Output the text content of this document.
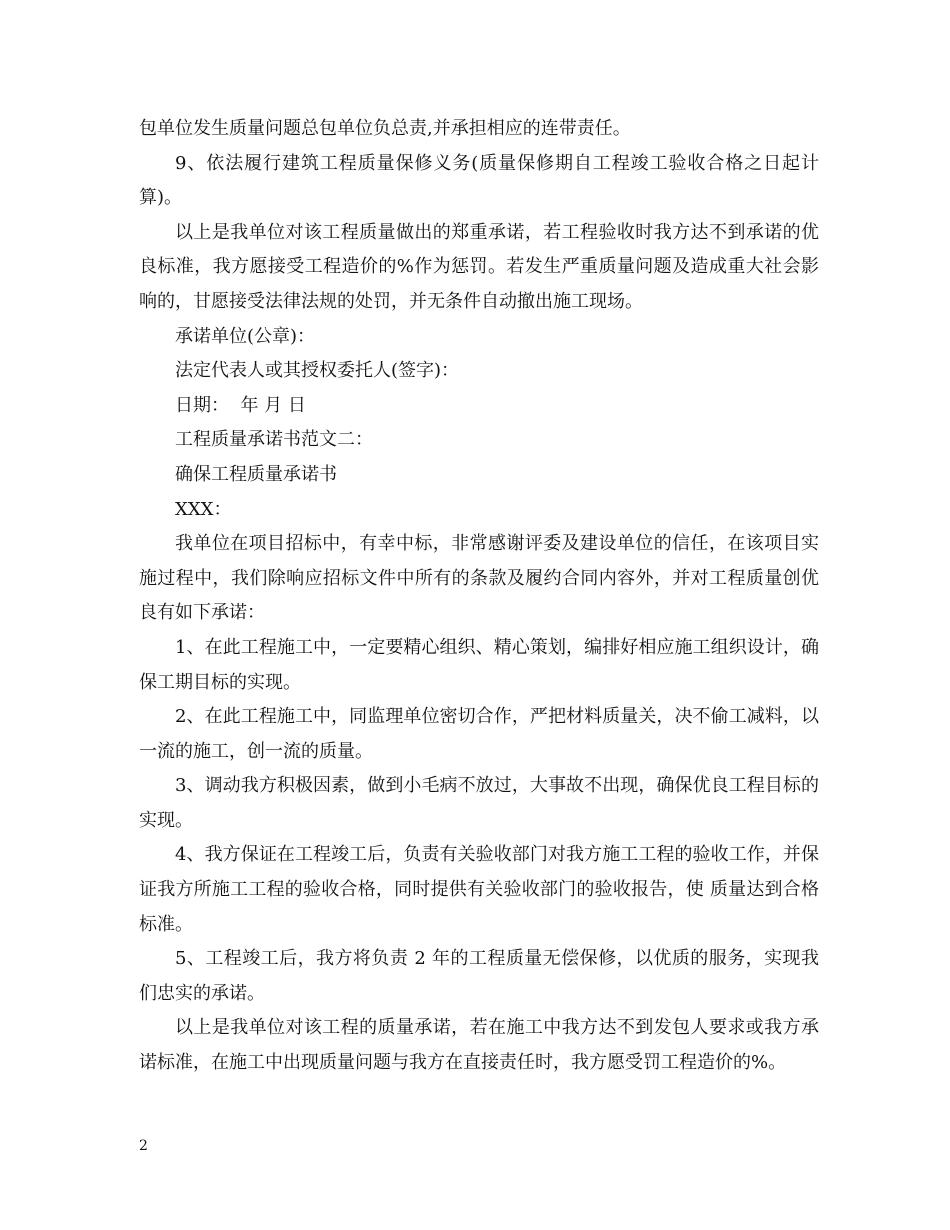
包单位发生质量问题总包单位负总责,并承担相应的连带责任。

9、依法履行建筑工程质量保修义务(质量保修期自工程竣工验收合格之日起计算)。

以上是我单位对该工程质量做出的郑重承诺，若工程验收时我方达不到承诺的优良标准，我方愿接受工程造价的%作为惩罚。若发生严重质量问题及造成重大社会影响的，甘愿接受法律法规的处罚，并无条件自动撤出施工现场。

承诺单位(公章)：

法定代表人或其授权委托人(签字)：

日期：  年 月 日

工程质量承诺书范文二：

确保工程质量承诺书

XXX：

我单位在项目招标中，有幸中标，非常感谢评委及建设单位的信任，在该项目实施过程中，我们除响应招标文件中所有的条款及履约合同内容外，并对工程质量创优良有如下承诺：

1、在此工程施工中，一定要精心组织、精心策划，编排好相应施工组织设计，确保工期目标的实现。

2、在此工程施工中，同监理单位密切合作，严把材料质量关，决不偷工减料，以一流的施工，创一流的质量。

3、调动我方积极因素，做到小毛病不放过，大事故不出现，确保优良工程目标的实现。

4、我方保证在工程竣工后，负责有关验收部门对我方施工工程的验收工作，并保证我方所施工工程的验收合格，同时提供有关验收部门的验收报告，使 质量达到合格标准。

5、工程竣工后，我方将负责 2 年的工程质量无偿保修，以优质的服务，实现我们忠实的承诺。

以上是我单位对该工程的质量承诺，若在施工中我方达不到发包人要求或我方承诺标准，在施工中出现质量问题与我方在直接责任时，我方愿受罚工程造价的%。

2
